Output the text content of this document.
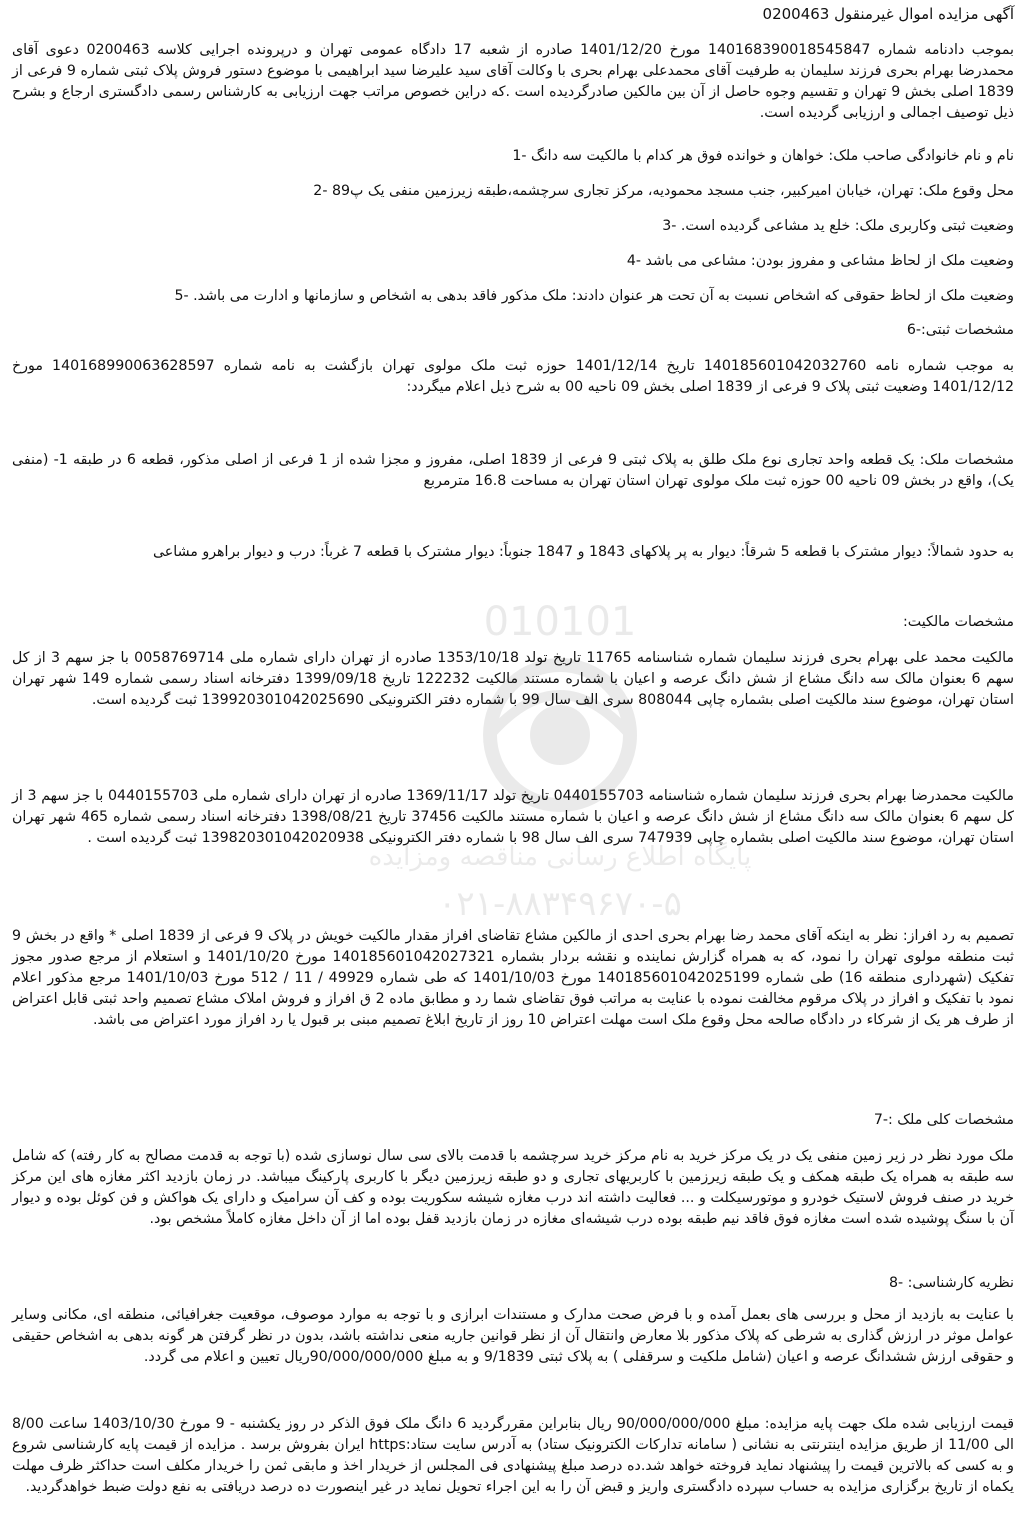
010101
پایگاه اطلاع رسانی مناقصه ومزایده
۰۲۱-۸۸۳۴۹۶۷۰-۵
آگهی مزایده اموال غیرمنقول 0200463
بموجب دادنامه شماره 140168390018545847 مورخ 1401/12/20 صادره از شعبه 17 دادگاه عمومی تهران و درپرونده اجرایی کلاسه 0200463 دعوی آقای محمدرضا بهرام بحری فرزند سلیمان به طرفیت آقای محمدعلی بهرام بحری با وکالت آقای سید علیرضا سید ابراهیمی با موضوع دستور فروش پلاک ثبتی شماره 9 فرعی از 1839 اصلی بخش 9 تهران و تقسیم وجوه حاصل از آن بین مالکین صادرگردیده است .که دراین خصوص مراتب جهت ارزیابی به کارشناس رسمی دادگستری ارجاع و بشرح ذیل توصیف اجمالی و ارزیابی گردیده است.
نام و نام خانوادگی صاحب ملک: خواهان و خوانده فوق هر کدام با مالکیت سه دانگ -1
محل وقوع ملک: تهران، خیابان امیرکبیر، جنب مسجد محمودیه، مرکز تجاری سرچشمه،طبقه زیرزمین منفی یک پ89 -2
وضعیت ثبتی وکاربری ملک: خلع ید مشاعی گردیده است. -3
وضعیت ملک از لحاظ مشاعی و مفروز بودن: مشاعی می باشد -4
وضعیت ملک از لحاظ حقوقی که اشخاص نسبت به آن تحت هر عنوان دادند: ملک مذکور فاقد بدهی به اشخاص و سازمانها و ادارت می باشد. -5
مشخصات ثبتی:-6
به موجب شماره نامه 140185601042032760 تاریخ 1401/12/14 حوزه ثبت ملک مولوی تهران بازگشت به نامه شماره 140168990063628597 مورخ 1401/12/12 وضعیت ثبتی پلاک 9 فرعی از 1839 اصلی بخش 09 ناحیه 00 به شرح ذیل اعلام میگردد:
مشخصات ملک: یک قطعه واحد تجاری نوع ملک طلق به پلاک ثبتی 9 فرعی از 1839 اصلی، مفروز و مجزا شده از 1 فرعی از اصلی مذکور، قطعه 6 در طبقه 1- (منفی یک)، واقع در بخش 09 ناحیه 00 حوزه ثبت ملک مولوی تهران استان تهران به مساحت 16.8 مترمربع
به حدود شمالاً: دیوار مشترک با قطعه 5 شرقاً: دیوار به پر پلاکهای 1843 و 1847 جنوباً: دیوار مشترک با قطعه 7 غرباً: درب و دیوار براهرو مشاعی
مشخصات مالکیت:
مالکیت محمد علی بهرام بحری فرزند سلیمان شماره شناسنامه 11765 تاریخ تولد 1353/10/18 صادره از تهران دارای شماره ملی 0058769714 با جز سهم 3 از کل سهم 6 بعنوان مالک سه دانگ مشاع از شش دانگ عرصه و اعیان با شماره مستند مالکیت 122232 تاریخ 1399/09/18 دفترخانه اسناد رسمی شماره 149 شهر تهران استان تهران، موضوع سند مالکیت اصلی بشماره چاپی 808044 سری الف سال 99 با شماره دفتر الکترونیکی 139920301042025690 ثبت گردیده است.
مالکیت محمدرضا بهرام بحری فرزند سلیمان شماره شناسنامه 0440155703 تاریخ تولد 1369/11/17 صادره از تهران دارای شماره ملی 0440155703 با جز سهم 3 از کل سهم 6 بعنوان مالک سه دانگ مشاع از شش دانگ عرصه و اعیان با شماره مستند مالکیت 37456 تاریخ 1398/08/21 دفترخانه اسناد رسمی شماره 465 شهر تهران استان تهران، موضوع سند مالکیت اصلی بشماره چاپی 747939 سری الف سال 98 با شماره دفتر الکترونیکی 139820301042020938 ثبت گردیده است .
تصمیم به رد افراز: نظر به اینکه آقای محمد رضا بهرام بحری احدی از مالکین مشاع تقاضای افراز مقدار مالکیت خویش در پلاک 9 فرعی از 1839 اصلی * واقع در بخش 9 ثبت منطقه مولوی تهران را نمود، که به همراه گزارش نماینده و نقشه بردار بشماره 140185601042027321 مورخ 1401/10/20 و استعلام از مرجع صدور مجوز تفکیک (شهرداری منطقه 16) طی شماره 140185601042025199 مورخ 1401/10/03 که طی شماره 49929 / 11 / 512 مورخ 1401/10/03 مرجع مذکور اعلام نمود با تفکیک و افراز در پلاک مرقوم مخالفت نموده با عنایت به مراتب فوق تقاضای شما رد و مطابق ماده 2 ق افراز و فروش املاک مشاع تصمیم واحد ثبتی قابل اعتراض از طرف هر یک از شرکاء در دادگاه صالحه محل وقوع ملک است مهلت اعتراض 10 روز از تاریخ ابلاغ تصمیم مبنی بر قبول یا رد افراز مورد اعتراض می باشد.
مشخصات کلی ملک :-7
ملک مورد نظر در زیر زمین منفی یک در یک مرکز خرید به نام مرکز خرید سرچشمه با قدمت بالای سی سال نوسازی شده (با توجه به قدمت مصالح به کار رفته) که شامل سه طبقه به همراه یک طبقه همکف و یک طبقه زیرزمین با کاربریهای تجاری و دو طبقه زیرزمین دیگر با کاربری پارکینگ میباشد. در زمان بازدید اکثر مغازه های این مرکز خرید در صنف فروش لاستیک خودرو و موتورسیکلت و ... فعالیت داشته اند درب مغازه شیشه سکوریت بوده و کف آن سرامیک و دارای یک هواکش و فن کوئل بوده و دیوار آن با سنگ پوشیده شده است مغازه فوق فاقد نیم طبقه بوده درب شیشه‌ای مغازه در زمان بازدید قفل بوده اما از آن داخل مغازه کاملاً مشخص بود.
نظریه کارشناسی: -8
با عنایت به بازدید از محل و بررسی های بعمل آمده و با فرض صحت مدارک و مستندات ابرازی و با توجه به موارد موصوف، موقعیت جغرافیائی، منطقه ای، مکانی وسایر عوامل موثر در ارزش گذاری به شرطی که پلاک مذکور بلا معارض وانتقال آن از نظر قوانین جاریه منعی نداشته باشد، بدون در نظر گرفتن هر گونه بدهی به اشخاص حقیقی و حقوقی ارزش ششدانگ عرصه و اعیان (شامل ملکیت و سرقفلی ) به پلاک ثبتی 9/1839 و به مبلغ 90/000/000/000ریال تعیین و اعلام می گردد.
قیمت ارزیابی شده ملک جهت پایه مزایده: مبلغ 90/000/000/000 ریال بنابراین مقررگردید 6 دانگ ملک فوق الذکر در روز یکشنبه - 9 مورخ 1403/10/30 ساعت 8/00 الی 11/00 از طریق مزایده اینترنتی به نشانی ( سامانه تدارکات الکترونیک ستاد) به آدرس سایت ستاد:https ایران بفروش برسد . مزایده از قیمت پایه کارشناسی شروع و به کسی که بالاترین قیمت را پیشنهاد نماید فروخته خواهد شد.ده درصد مبلغ پیشنهادی فی المجلس از خریدار اخذ و مابقی ثمن را خریدار مکلف است حداکثر ظرف مهلت یکماه از تاریخ برگزاری مزایده به حساب سپرده دادگستری واریز و قبض آن را به این اجراء تحویل نماید در غیر اینصورت ده درصد دریافتی به نفع دولت ضبط خواهدگردید.
